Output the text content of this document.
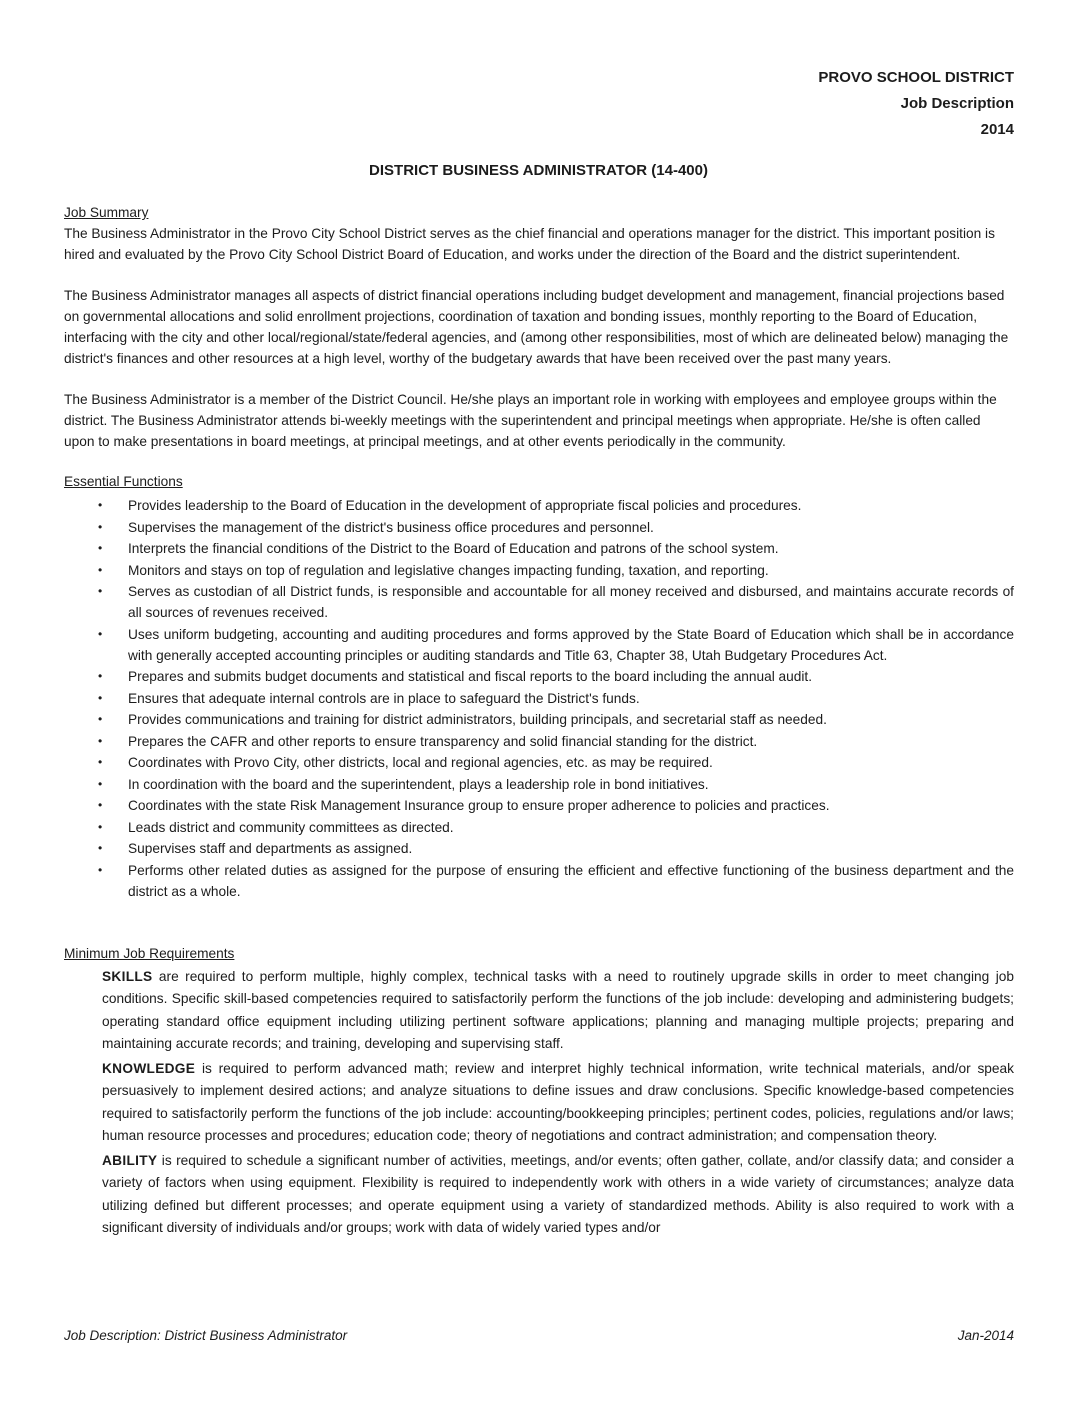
PROVO SCHOOL DISTRICT
Job Description
2014
DISTRICT BUSINESS ADMINISTRATOR (14-400)
Job Summary

The Business Administrator in the Provo City School District serves as the chief financial and operations manager for the district. This important position is hired and evaluated by the Provo City School District Board of Education, and works under the direction of the Board and the district superintendent.

The Business Administrator manages all aspects of district financial operations including budget development and management, financial projections based on governmental allocations and solid enrollment projections, coordination of taxation and bonding issues, monthly reporting to the Board of Education, interfacing with the city and other local/regional/state/federal agencies, and (among other responsibilities, most of which are delineated below) managing the district's finances and other resources at a high level, worthy of the budgetary awards that have been received over the past many years.

The Business Administrator is a member of the District Council. He/she plays an important role in working with employees and employee groups within the district. The Business Administrator attends bi-weekly meetings with the superintendent and principal meetings when appropriate. He/she is often called upon to make presentations in board meetings, at principal meetings, and at other events periodically in the community.

Essential Functions
• Provides leadership to the Board of Education in the development of appropriate fiscal policies and procedures.
• Supervises the management of the district's business office procedures and personnel.
• Interprets the financial conditions of the District to the Board of Education and patrons of the school system.
• Monitors and stays on top of regulation and legislative changes impacting funding, taxation, and reporting.
• Serves as custodian of all District funds, is responsible and accountable for all money received and disbursed, and maintains accurate records of all sources of revenues received.
• Uses uniform budgeting, accounting and auditing procedures and forms approved by the State Board of Education which shall be in accordance with generally accepted accounting principles or auditing standards and Title 63, Chapter 38, Utah Budgetary Procedures Act.
• Prepares and submits budget documents and statistical and fiscal reports to the board including the annual audit.
• Ensures that adequate internal controls are in place to safeguard the District's funds.
• Provides communications and training for district administrators, building principals, and secretarial staff as needed.
• Prepares the CAFR and other reports to ensure transparency and solid financial standing for the district.
• Coordinates with Provo City, other districts, local and regional agencies, etc. as may be required.
• In coordination with the board and the superintendent, plays a leadership role in bond initiatives.
• Coordinates with the state Risk Management Insurance group to ensure proper adherence to policies and practices.
• Leads district and community committees as directed.
• Supervises staff and departments as assigned.
• Performs other related duties as assigned for the purpose of ensuring the efficient and effective functioning of the business department and the district as a whole.
Minimum Job Requirements

SKILLS are required to perform multiple, highly complex, technical tasks with a need to routinely upgrade skills in order to meet changing job conditions. Specific skill-based competencies required to satisfactorily perform the functions of the job include: developing and administering budgets; operating standard office equipment including utilizing pertinent software applications; planning and managing multiple projects; preparing and maintaining accurate records; and training, developing and supervising staff.

KNOWLEDGE is required to perform advanced math; review and interpret highly technical information, write technical materials, and/or speak persuasively to implement desired actions; and analyze situations to define issues and draw conclusions. Specific knowledge-based competencies required to satisfactorily perform the functions of the job include: accounting/bookkeeping principles; pertinent codes, policies, regulations and/or laws; human resource processes and procedures; education code; theory of negotiations and contract administration; and compensation theory.

ABILITY is required to schedule a significant number of activities, meetings, and/or events; often gather, collate, and/or classify data; and consider a variety of factors when using equipment. Flexibility is required to independently work with others in a wide variety of circumstances; analyze data utilizing defined but different processes; and operate equipment using a variety of standardized methods. Ability is also required to work with a significant diversity of individuals and/or groups; work with data of widely varied types and/or

Job Description: District Business Administrator	Jan-2014
